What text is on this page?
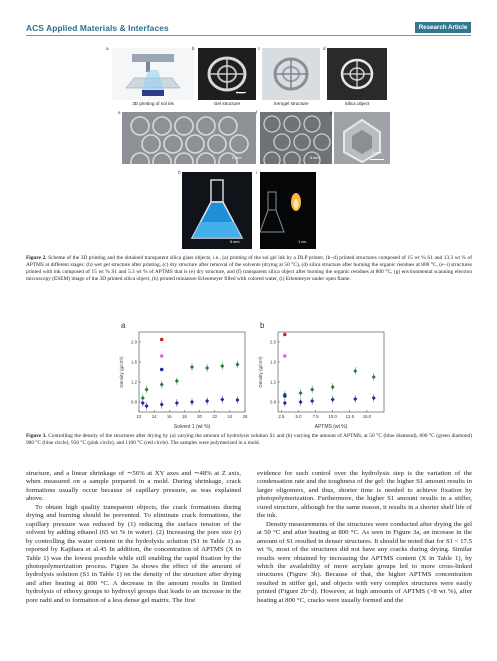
ACS Applied Materials & Interfaces	Research Article
a
3D printing of sol ink
b
1 cm
Gel structure
c
Xerogel structure
d
Silica object
e
5 mm
f
5 mm
g
2 mm
h
5 mm
i
1 cm
Figure 2. Scheme of the 3D printing and the obtained transparent silica glass objects, i.e., (a) printing of the sol gel ink by a DLP printer, (b−d) printed structures composed of 15 wt % S1 and 13.3 wt % of APTMS at different stages: (b) wet gel structure after printing, (c) dry structure after removal of the solvents (drying at 50 °C), (d) silica structure after burning the organic residues at 800 °C, (e−i) structures printed with ink composed of 15 wt % S1 and 5.3 wt % of APTMS that is (e) dry structure, and (f) transparent silica object after burning the organic residues at 800 °C, (g) environmental scanning electron microscopy (ESEM) image of the 3D printed silica object, (h) printed miniature Erlenmeyer filled with colored water, (i) Erlenmeyer under open flame.
a	b
12 14 16 18 20 22 24 26
0.8
1.2
1.6
2.0
Solvent 1 (wt %)
Density (g/cm³)
2.5	5.0	7.5 10.0 12.5 15.0
0.8
1.2
1.6
2.0
APTMS (wt %)
Density (g/cm³)
Figure 3. Controlling the density of the structures after drying by (a) varying the amount of hydrolysis solution S1 and (b) varying the amount of APTMS, at 50 °C (blue diamond), 800 °C (green diamond) 900 °C (blue circle), 950 °C (pink circle), and 1100 °C (red circle). The samples were polymerized in a mold.

structure, and a linear shrinkage of ∼56% at XY axes and ∼48% at Z axis, when measured on a sample prepared in a mold. During shrinkage, crack formations usually occur because of capillary pressure, as was explained above.

To obtain high quality transparent objects, the crack formations during drying and burning should be prevented. To eliminate crack formations, the capillary pressure was reduced by (1) reducing the surface tension of the solvent by adding ethanol (65 wt % in water). (2) Increasing the pore size (r) by controlling the water content in the hydrolysis solution (S1 in Table 1) as reported by Kajihara et al.45 In addition, the concentration of APTMS (X in Table 1) was the lowest possible while still enabling the rapid fixation by the photopolymerization process. Figure 3a shows the effect of the amount of hydrolysis solution (S1 in Table 1) on the density of the structure after drying and after heating at 800 °C. A decrease in the amount results in limited hydrolysis of ethoxy groups to hydroxyl groups that leads to an increase in the pore radii and to formation of a less dense gel matrix. The first

evidence for such control over the hydrolysis step is the variation of the condensation rate and the toughness of the gel: the higher S1 amount results in larger oligomers, and thus, shorter time is needed to achieve fixation by photopolymerization. Furthermore, the higher S1 amount results in a stiffer, cured structure, although for the same reason, it results in a shorter shelf life of the ink.

Density measurements of the structures were conducted after drying the gel at 50 °C and after heating at 800 °C. As seen in Figure 3a, an increase in the amount of S1 resulted in denser structures. It should be noted that for S1 < 17.5 wt %, most of the structures did not have any cracks during drying. Similar results were obtained by increasing the APTMS content (X in Table 1), by which the availability of more acrylate groups led to more cross-linked structures (Figure 3b). Because of that, the higher APTMS concentration resulted in stiffer gel, and objects with very complex structures were easily printed (Figure 2b−d). However, at high amounts of APTMS (>8 wt %), after heating at 800 °C, cracks were usually formed and the
